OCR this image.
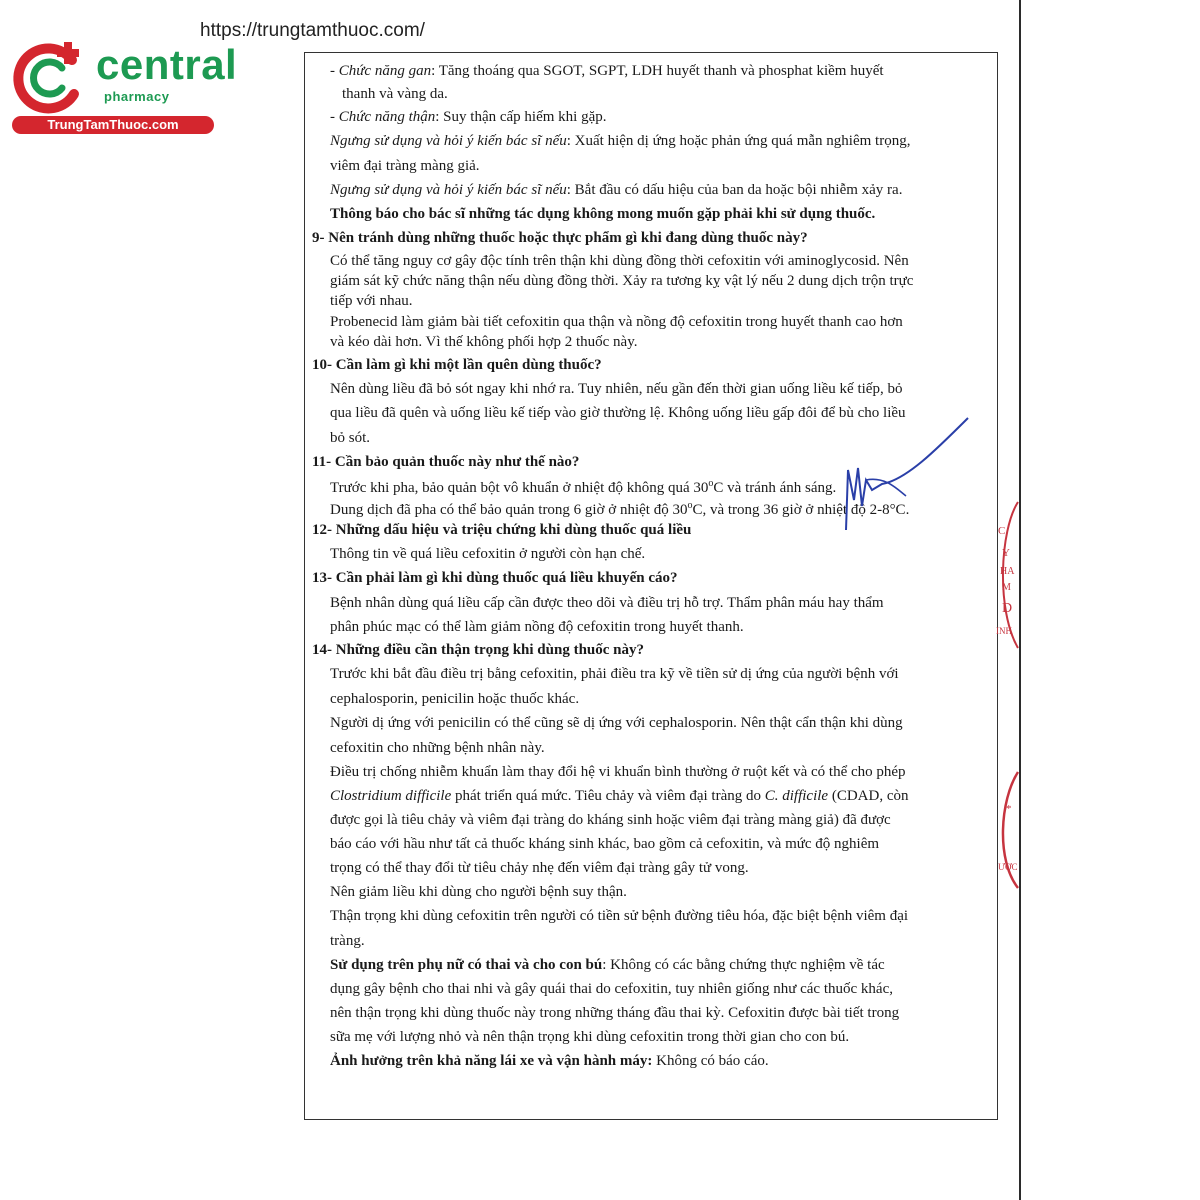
https://trungtamthuoc.com/
central
pharmacy
TrungTamThuoc.com
- Chức năng gan: Tăng thoáng qua SGOT, SGPT, LDH huyết thanh và phosphat kiềm huyết
thanh và vàng da.
- Chức năng thận: Suy thận cấp hiếm khi gặp.
Ngưng sử dụng và hỏi ý kiến bác sĩ nếu: Xuất hiện dị ứng hoặc phản ứng quá mẫn nghiêm trọng,
viêm đại tràng màng giả.
Ngưng sử dụng và hỏi ý kiến bác sĩ nếu: Bắt đầu có dấu hiệu của ban da hoặc bội nhiễm xảy ra.
Thông báo cho bác sĩ những tác dụng không mong muốn gặp phải khi sử dụng thuốc.
9- Nên tránh dùng những thuốc hoặc thực phẩm gì khi đang dùng thuốc này?
Có thể tăng nguy cơ gây độc tính trên thận khi dùng đồng thời cefoxitin với aminoglycosid. Nên
giám sát kỹ chức năng thận nếu dùng đồng thời. Xảy ra tương kỵ vật lý nếu 2 dung dịch trộn trực
tiếp với nhau.
Probenecid làm giảm bài tiết cefoxitin qua thận và nồng độ cefoxitin trong huyết thanh cao hơn
và kéo dài hơn. Vì thế không phối hợp 2 thuốc này.
10- Cần làm gì khi một lần quên dùng thuốc?
Nên dùng liều đã bỏ sót ngay khi nhớ ra. Tuy nhiên, nếu gần đến thời gian uống liều kế tiếp, bỏ
qua liều đã quên và uống liều kế tiếp vào giờ thường lệ. Không uống liều gấp đôi để bù cho liều
bỏ sót.
11- Cần bảo quản thuốc này như thế nào?
Trước khi pha, bảo quản bột vô khuẩn ở nhiệt độ không quá 30$^o$C và tránh ánh sáng.
Dung dịch đã pha có thể bảo quản trong 6 giờ ở nhiệt độ 30$^o$C, và trong 36 giờ ở nhiệt độ 2-8°C.
12- Những dấu hiệu và triệu chứng khi dùng thuốc quá liều
Thông tin về quá liều cefoxitin ở người còn hạn chế.
13- Cần phải làm gì khi dùng thuốc quá liều khuyến cáo?
Bệnh nhân dùng quá liều cấp cần được theo dõi và điều trị hỗ trợ. Thẩm phân máu hay thẩm
phân phúc mạc có thể làm giảm nồng độ cefoxitin trong huyết thanh.
14- Những điều cần thận trọng khi dùng thuốc này?
Trước khi bắt đầu điều trị bằng cefoxitin, phải điều tra kỹ về tiền sử dị ứng của người bệnh với
cephalosporin, penicilin hoặc thuốc khác.
Người dị ứng với penicilin có thể cũng sẽ dị ứng với cephalosporin. Nên thật cẩn thận khi dùng
cefoxitin cho những bệnh nhân này.
Điều trị chống nhiễm khuẩn làm thay đổi hệ vi khuẩn bình thường ở ruột kết và có thể cho phép
Clostridium difficile phát triển quá mức. Tiêu chảy và viêm đại tràng do C. difficile (CDAD, còn
được gọi là tiêu chảy và viêm đại tràng do kháng sinh hoặc viêm đại tràng màng giả) đã được
báo cáo với hầu như tất cả thuốc kháng sinh khác, bao gồm cả cefoxitin, và mức độ nghiêm
trọng có thể thay đổi từ tiêu chảy nhẹ đến viêm đại tràng gây tử vong.
Nên giảm liều khi dùng cho người bệnh suy thận.
Thận trọng khi dùng cefoxitin trên người có tiền sử bệnh đường tiêu hóa, đặc biệt bệnh viêm đại
tràng.
Sử dụng trên phụ nữ có thai và cho con bú: Không có các bằng chứng thực nghiệm về tác
dụng gây bệnh cho thai nhi và gây quái thai do cefoxitin, tuy nhiên giống như các thuốc khác,
nên thận trọng khi dùng thuốc này trong những tháng đầu thai kỳ. Cefoxitin được bài tiết trong
sữa mẹ với lượng nhỏ và nên thận trọng khi dùng cefoxitin trong thời gian cho con bú.
Ảnh hưởng trên khả năng lái xe và vận hành máy: Không có báo cáo.
C.
Y
HA
M
D
INH
*
ƯỢC
